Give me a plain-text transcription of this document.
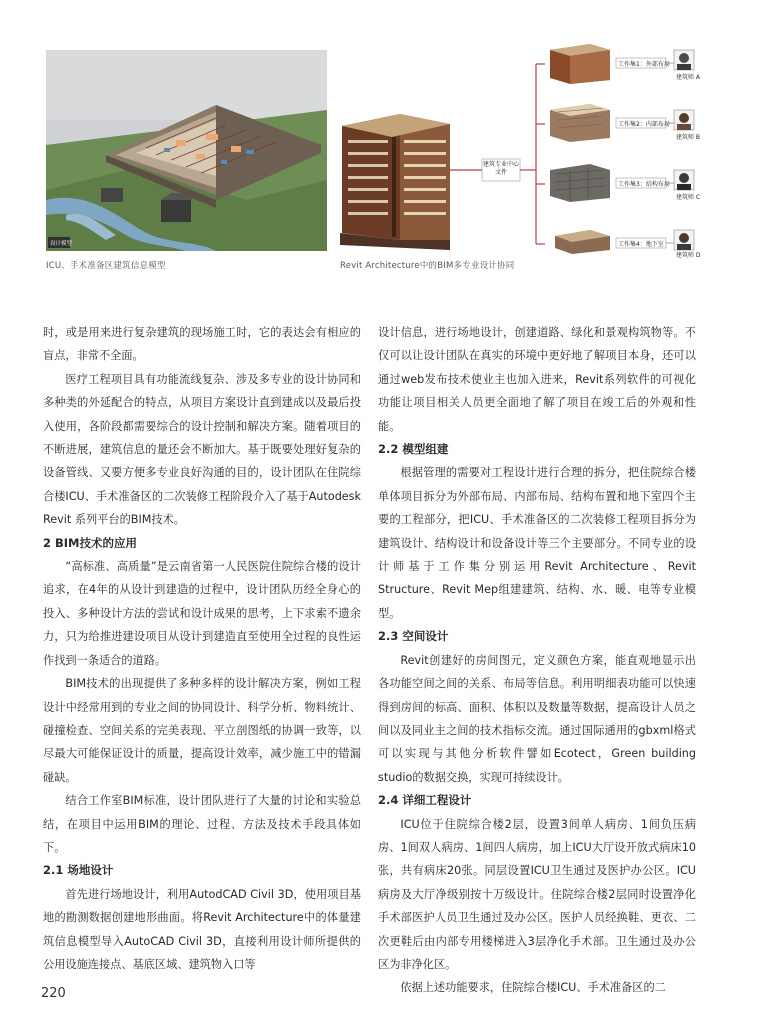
设计模型
ICU、手术准备区建筑信息模型
建筑专业中心文件
工作集1：外部布局
工作集2：内部布局
工作集3：结构布局
工作集4：地下室
建筑师 A
建筑师 B
建筑师 C
建筑师 D
Revit Architecture中的BIM多专业设计协同

时，或是用来进行复杂建筑的现场施工时，它的表达会有相应的盲点，非常不全面。

医疗工程项目具有功能流线复杂、涉及多专业的设计协同和多种类的外延配合的特点，从项目方案设计直到建成以及最后投入使用，各阶段都需要综合的设计控制和解决方案。随着项目的不断进展，建筑信息的量还会不断加大。基于既要处理好复杂的设备管线、又要方便多专业良好沟通的目的，设计团队在住院综合楼ICU、手术准备区的二次装修工程阶段介入了基于Autodesk Revit 系列平台的BIM技术。

2 BIM技术的应用

“高标准、高质量”是云南省第一人民医院住院综合楼的设计追求，在4年的从设计到建造的过程中，设计团队历经全身心的投入、多种设计方法的尝试和设计成果的思考，上下求索不遗余力，只为给推进建设项目从设计到建造直至使用全过程的良性运作找到一条适合的道路。

BIM技术的出现提供了多种多样的设计解决方案，例如工程设计中经常用到的专业之间的协同设计、科学分析、物料统计、碰撞检查、空间关系的完美表现、平立剖图纸的协调一致等，以尽最大可能保证设计的质量，提高设计效率，减少施工中的错漏碰缺。

结合工作室BIM标准，设计团队进行了大量的讨论和实验总结，在项目中运用BIM的理论、过程、方法及技术手段具体如下。

2.1 场地设计

首先进行场地设计，利用AutodCAD Civil 3D，使用项目基地的勘测数据创建地形曲面。将Revit Architecture中的体量建筑信息模型导入AutoCAD Civil 3D，直接利用设计师所提供的公用设施连接点、基底区域、建筑物入口等

设计信息，进行场地设计，创建道路、绿化和景观构筑物等。不仅可以让设计团队在真实的环境中更好地了解项目本身，还可以通过web发布技术使业主也加入进来，Revit系列软件的可视化功能让项目相关人员更全面地了解了项目在竣工后的外观和性能。

2.2 模型组建

根据管理的需要对工程设计进行合理的拆分，把住院综合楼单体项目拆分为外部布局、内部布局、结构布置和地下室四个主要的工程部分，把ICU、手术准备区的二次装修工程项目拆分为建筑设计、结构设计和设备设计等三个主要部分。不同专业的设计师基于工作集分别运用Revit Architecture、Revit Structure、Revit Mep组建建筑、结构、水、暖、电等专业模型。

2.3 空间设计

Revit创建好的房间图元，定义颜色方案，能直观地显示出各功能空间之间的关系、布局等信息。利用明细表功能可以快速得到房间的标高、面积、体积以及数量等数据，提高设计人员之间以及同业主之间的技术指标交流。通过国际通用的gbxml格式可以实现与其他分析软件譬如Ecotect，Green building studio的数据交换，实现可持续设计。

2.4 详细工程设计

ICU位于住院综合楼2层，设置3间单人病房、1间负压病房、1间双人病房、1间四人病房，加上ICU大厅设开放式病床10张，共有病床20张。同层设置ICU卫生通过及医护办公区。ICU病房及大厅净级别按十万级设计。住院综合楼2层同时设置净化手术部医护人员卫生通过及办公区。医护人员经换鞋、更衣、二次更鞋后由内部专用楼梯进入3层净化手术部。卫生通过及办公区为非净化区。

依据上述功能要求，住院综合楼ICU、手术准备区的二

220
